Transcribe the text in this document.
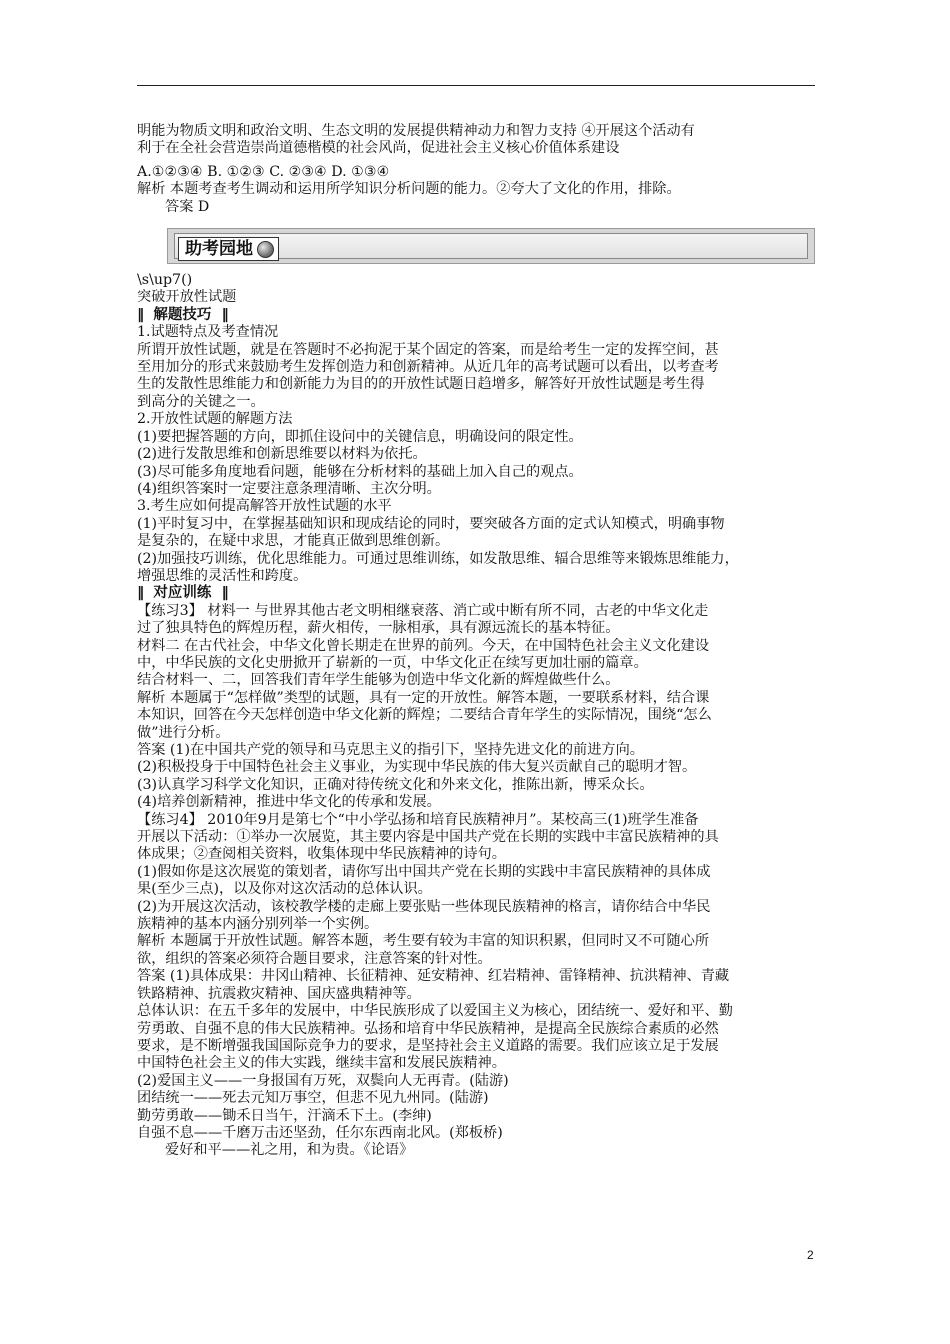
明能为物质文明和政治文明、生态文明的发展提供精神动力和智力支持 ④开展这个活动有

利于在全社会营造崇尚道德楷模的社会风尚，促进社会主义核心价值体系建设

A.①②③④ B. ①②③ C. ②③④ D. ①③④

解析 本题考查考生调动和运用所学知识分析问题的能力。②夸大了文化的作用，排除。

答案 D

助考园地

\s\up7()

突破开放性试题

‖ 解题技巧 ‖

1.试题特点及考查情况

所谓开放性试题，就是在答题时不必拘泥于某个固定的答案，而是给考生一定的发挥空间，甚

至用加分的形式来鼓励考生发挥创造力和创新精神。从近几年的高考试题可以看出，以考查考

生的发散性思维能力和创新能力为目的的开放性试题日趋增多，解答好开放性试题是考生得

到高分的关键之一。

2.开放性试题的解题方法

(1)要把握答题的方向，即抓住设问中的关键信息，明确设问的限定性。

(2)进行发散思维和创新思维要以材料为依托。

(3)尽可能多角度地看问题，能够在分析材料的基础上加入自己的观点。

(4)组织答案时一定要注意条理清晰、主次分明。

3.考生应如何提高解答开放性试题的水平

(1)平时复习中，在掌握基础知识和现成结论的同时，要突破各方面的定式认知模式，明确事物

是复杂的，在疑中求思，才能真正做到思维创新。

(2)加强技巧训练，优化思维能力。可通过思维训练，如发散思维、辐合思维等来锻炼思维能力，

增强思维的灵活性和跨度。

‖ 对应训练 ‖

【练习3】 材料一 与世界其他古老文明相继衰落、消亡或中断有所不同，古老的中华文化走

过了独具特色的辉煌历程，薪火相传，一脉相承，具有源远流长的基本特征。

材料二 在古代社会，中华文化曾长期走在世界的前列。今天，在中国特色社会主义文化建设

中，中华民族的文化史册掀开了崭新的一页，中华文化正在续写更加壮丽的篇章。

结合材料一、二，回答我们青年学生能够为创造中华文化新的辉煌做些什么。

解析 本题属于“怎样做”类型的试题，具有一定的开放性。解答本题，一要联系材料，结合课

本知识，回答在今天怎样创造中华文化新的辉煌；二要结合青年学生的实际情况，围绕“怎么

做”进行分析。

答案 (1)在中国共产党的领导和马克思主义的指引下，坚持先进文化的前进方向。

(2)积极投身于中国特色社会主义事业，为实现中华民族的伟大复兴贡献自己的聪明才智。

(3)认真学习科学文化知识，正确对待传统文化和外来文化，推陈出新，博采众长。

(4)培养创新精神，推进中华文化的传承和发展。

【练习4】 2010年9月是第七个“中小学弘扬和培育民族精神月”。某校高三(1)班学生准备

开展以下活动：①举办一次展览，其主要内容是中国共产党在长期的实践中丰富民族精神的具

体成果；②查阅相关资料，收集体现中华民族精神的诗句。

(1)假如你是这次展览的策划者，请你写出中国共产党在长期的实践中丰富民族精神的具体成

果(至少三点)，以及你对这次活动的总体认识。

(2)为开展这次活动，该校教学楼的走廊上要张贴一些体现民族精神的格言，请你结合中华民

族精神的基本内涵分别列举一个实例。

解析 本题属于开放性试题。解答本题，考生要有较为丰富的知识积累，但同时又不可随心所

欲，组织的答案必须符合题目要求，注意答案的针对性。

答案 (1)具体成果：井冈山精神、长征精神、延安精神、红岩精神、雷锋精神、抗洪精神、青藏

铁路精神、抗震救灾精神、国庆盛典精神等。

总体认识：在五千多年的发展中，中华民族形成了以爱国主义为核心，团结统一、爱好和平、勤

劳勇敢、自强不息的伟大民族精神。弘扬和培育中华民族精神，是提高全民族综合素质的必然

要求，是不断增强我国国际竞争力的要求，是坚持社会主义道路的需要。我们应该立足于发展

中国特色社会主义的伟大实践，继续丰富和发展民族精神。

(2)爱国主义——一身报国有万死，双鬓向人无再青。(陆游)

团结统一——死去元知万事空，但悲不见九州同。(陆游)

勤劳勇敢——锄禾日当午，汗滴禾下土。(李绅)

自强不息——千磨万击还坚劲，任尔东西南北风。(郑板桥)

爱好和平——礼之用，和为贵。《论语》

2
